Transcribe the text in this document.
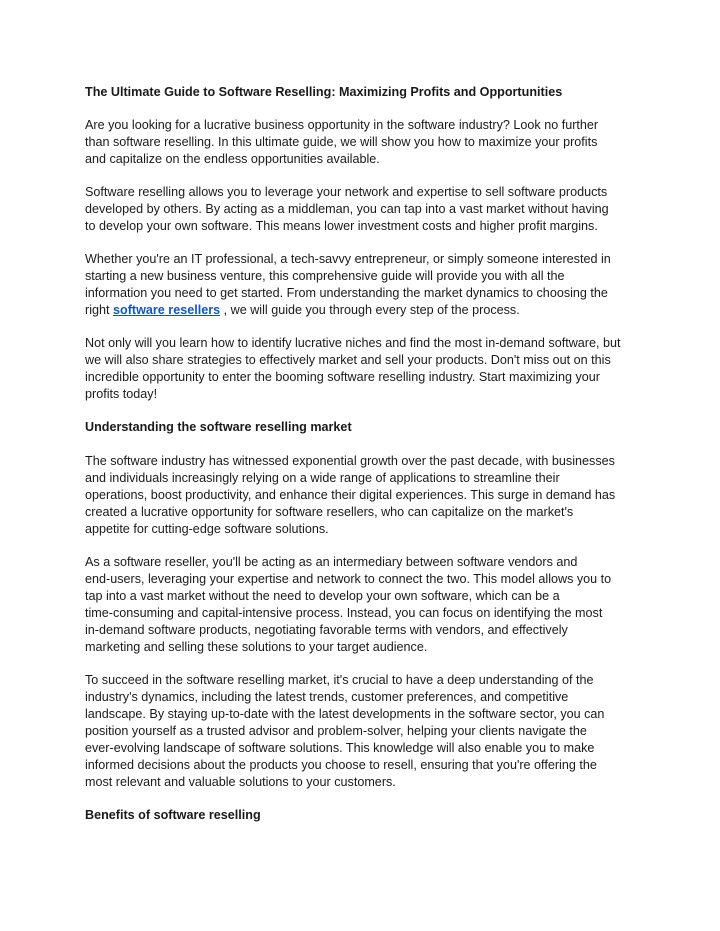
The Ultimate Guide to Software Reselling: Maximizing Profits and Opportunities

Are you looking for a lucrative business opportunity in the software industry? Look no further
than software reselling. In this ultimate guide, we will show you how to maximize your profits
and capitalize on the endless opportunities available.

Software reselling allows you to leverage your network and expertise to sell software products
developed by others. By acting as a middleman, you can tap into a vast market without having
to develop your own software. This means lower investment costs and higher profit margins.

Whether you're an IT professional, a tech-savvy entrepreneur, or simply someone interested in
starting a new business venture, this comprehensive guide will provide you with all the
information you need to get started. From understanding the market dynamics to choosing the
right software resellers , we will guide you through every step of the process.

Not only will you learn how to identify lucrative niches and find the most in-demand software, but
we will also share strategies to effectively market and sell your products. Don't miss out on this
incredible opportunity to enter the booming software reselling industry. Start maximizing your
profits today!

Understanding the software reselling market

The software industry has witnessed exponential growth over the past decade, with businesses
and individuals increasingly relying on a wide range of applications to streamline their
operations, boost productivity, and enhance their digital experiences. This surge in demand has
created a lucrative opportunity for software resellers, who can capitalize on the market's
appetite for cutting-edge software solutions.

As a software reseller, you'll be acting as an intermediary between software vendors and
end-users, leveraging your expertise and network to connect the two. This model allows you to
tap into a vast market without the need to develop your own software, which can be a
time-consuming and capital-intensive process. Instead, you can focus on identifying the most
in-demand software products, negotiating favorable terms with vendors, and effectively
marketing and selling these solutions to your target audience.

To succeed in the software reselling market, it's crucial to have a deep understanding of the
industry's dynamics, including the latest trends, customer preferences, and competitive
landscape. By staying up-to-date with the latest developments in the software sector, you can
position yourself as a trusted advisor and problem-solver, helping your clients navigate the
ever-evolving landscape of software solutions. This knowledge will also enable you to make
informed decisions about the products you choose to resell, ensuring that you're offering the
most relevant and valuable solutions to your customers.

Benefits of software reselling
